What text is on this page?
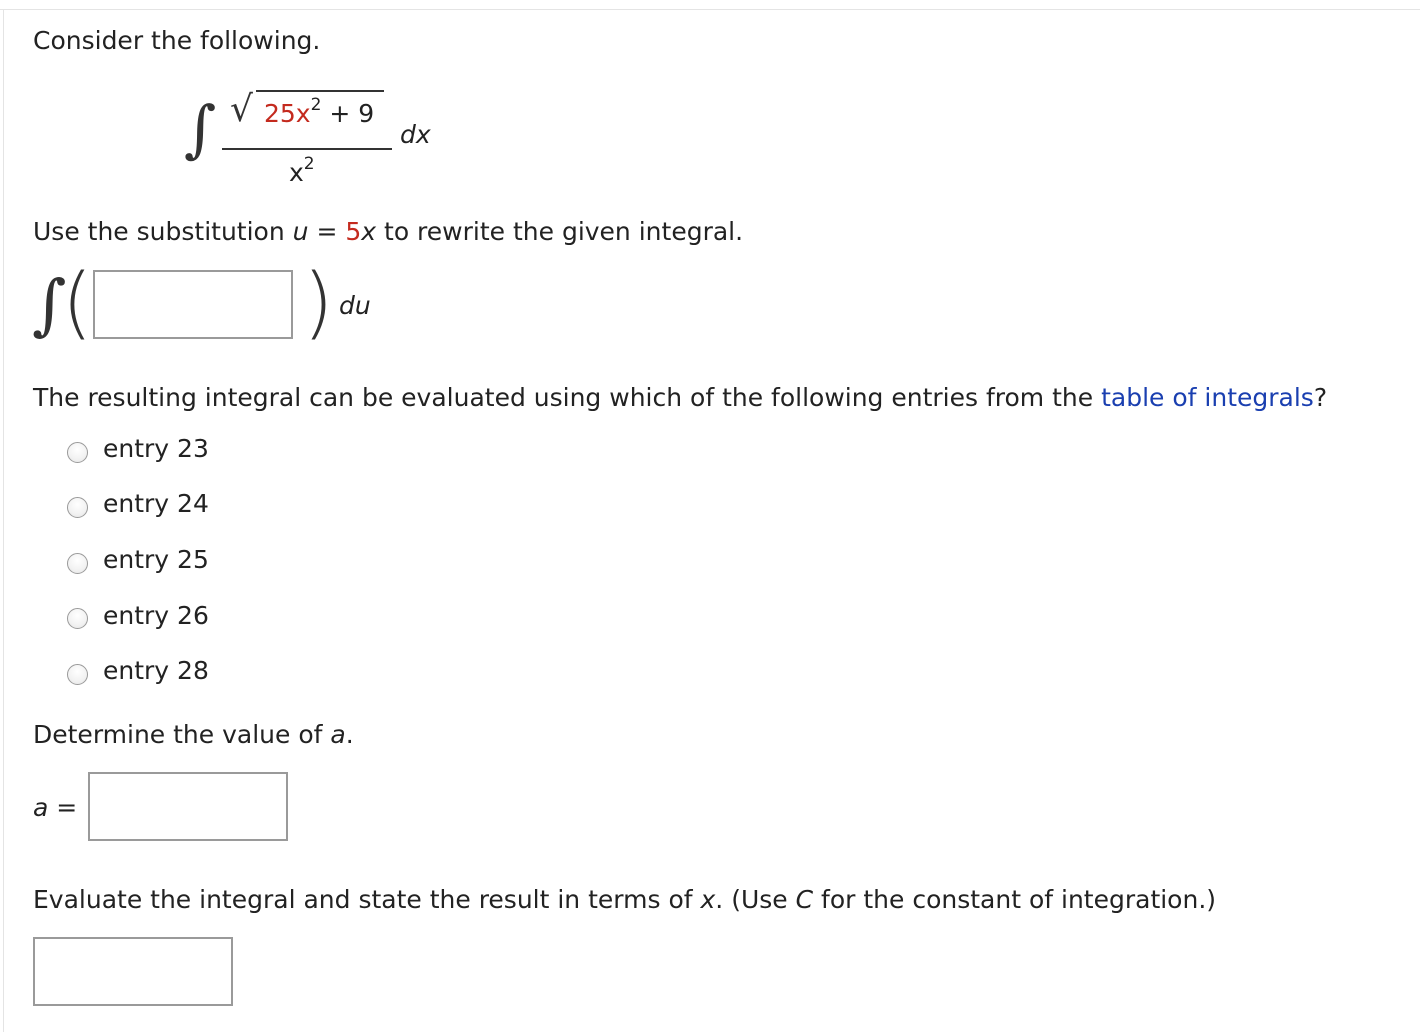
Consider the following.
∫ √ $25x^2 + 9$
$x^2$
dx
Use the substitution u = 5x to rewrite the given integral.
∫
(	) du
The resulting integral can be evaluated using which of the following entries from the table of integrals?
entry 23
entry 24
entry 25
entry 26
entry 28
Determine the value of a.
a =
Evaluate the integral and state the result in terms of x. (Use C for the constant of integration.)
